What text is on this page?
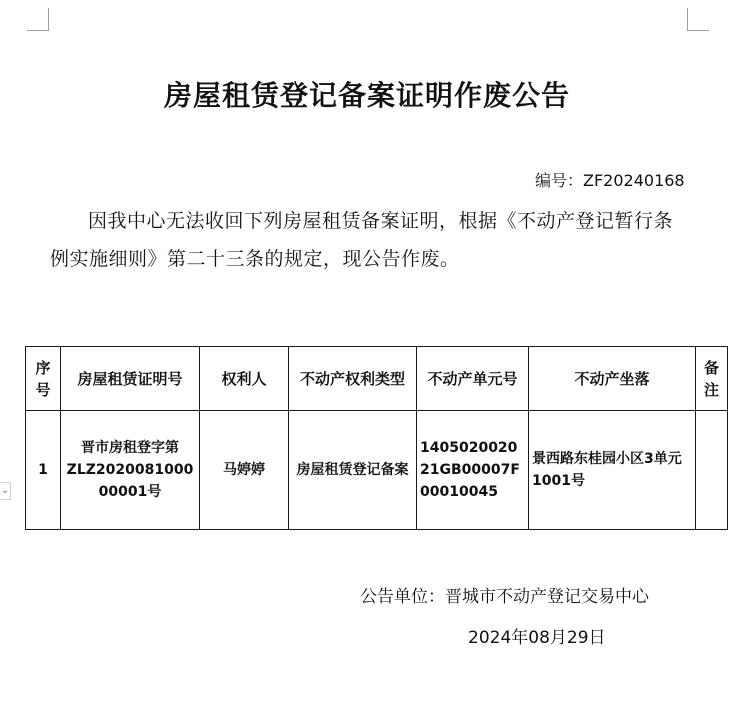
⌄
房屋租赁登记备案证明作废公告
编号：ZF20240168
因我中心无法收回下列房屋租赁备案证明，根据《不动产登记暂行条例实施细则》第二十三条的规定，现公告作废。
序号	房屋租赁证明号	权利人	不动产权利类型	不动产单元号	不动产坐落	备注
1	晋市房租登字第ZLZ202008100000001号	马婷婷	房屋租赁登记备案	140502002021GB00007F00010045	景西路东桂园小区3单元1001号	
公告单位：晋城市不动产登记交易中心
2024年08月29日
